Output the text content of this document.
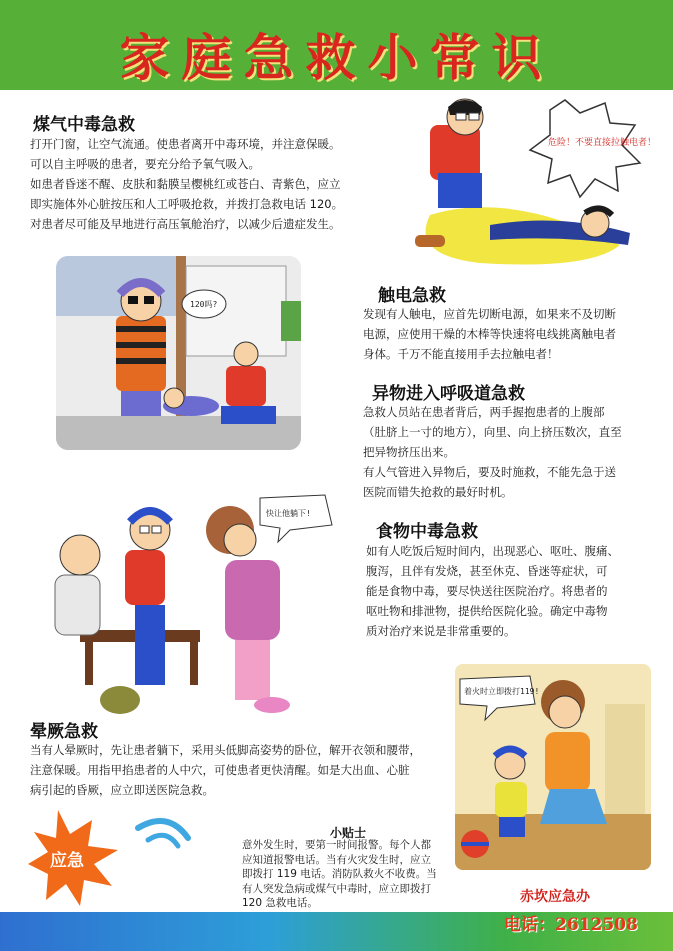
家庭急救小常识
煤气中毒急救

打开门窗，让空气流通。使患者离开中毒环境，并注意保暖。

可以自主呼吸的患者，要充分给予氧气吸入。

如患者昏迷不醒、皮肤和黏膜呈樱桃红或苍白、青紫色，应立

即实施体外心脏按压和人工呼吸抢救，并拨打急救电话 120。

对患者尽可能及早地进行高压氧舱治疗，以减少后遗症发生。

危险！不要直接拉触电者！
120吗?	触电急救

发现有人触电，应首先切断电源，如果来不及切断

电源，应使用干燥的木棒等快速将电线挑离触电者

身体。千万不能直接用手去拉触电者！

异物进入呼吸道急救

急救人员站在患者背后，两手握抱患者的上腹部

（肚脐上一寸的地方），向里、向上挤压数次，直至

把异物挤压出来。

有人气管进入异物后，要及时施救，不能先急于送

医院而错失抢救的最好时机。

快让他躺下!
食物中毒急救

如有人吃饭后短时间内，出现恶心、呕吐、腹痛、

腹泻，且伴有发烧，甚至休克、昏迷等症状，可

能是食物中毒，要尽快送往医院治疗。将患者的

呕吐物和排泄物，提供给医院化验。确定中毒物

质对治疗来说是非常重要的。

着火时立即拨打119!
晕厥急救

当有人晕厥时，先让患者躺下，采用头低脚高姿势的卧位，解开衣领和腰带，

注意保暖。用指甲掐患者的人中穴，可使患者更快清醒。如是大出血、心脏

病引起的昏厥，应立即送医院急救。

应急
小贴士
意外发生时，要第一时间报警。每个人都
应知道报警电话。当有火灾发生时，应立
即拨打 119 电话。消防队救火不收费。当
有人突发急病或煤气中毒时，应立即拨打
120 急救电话。	赤坎应急办
电话：2612508
